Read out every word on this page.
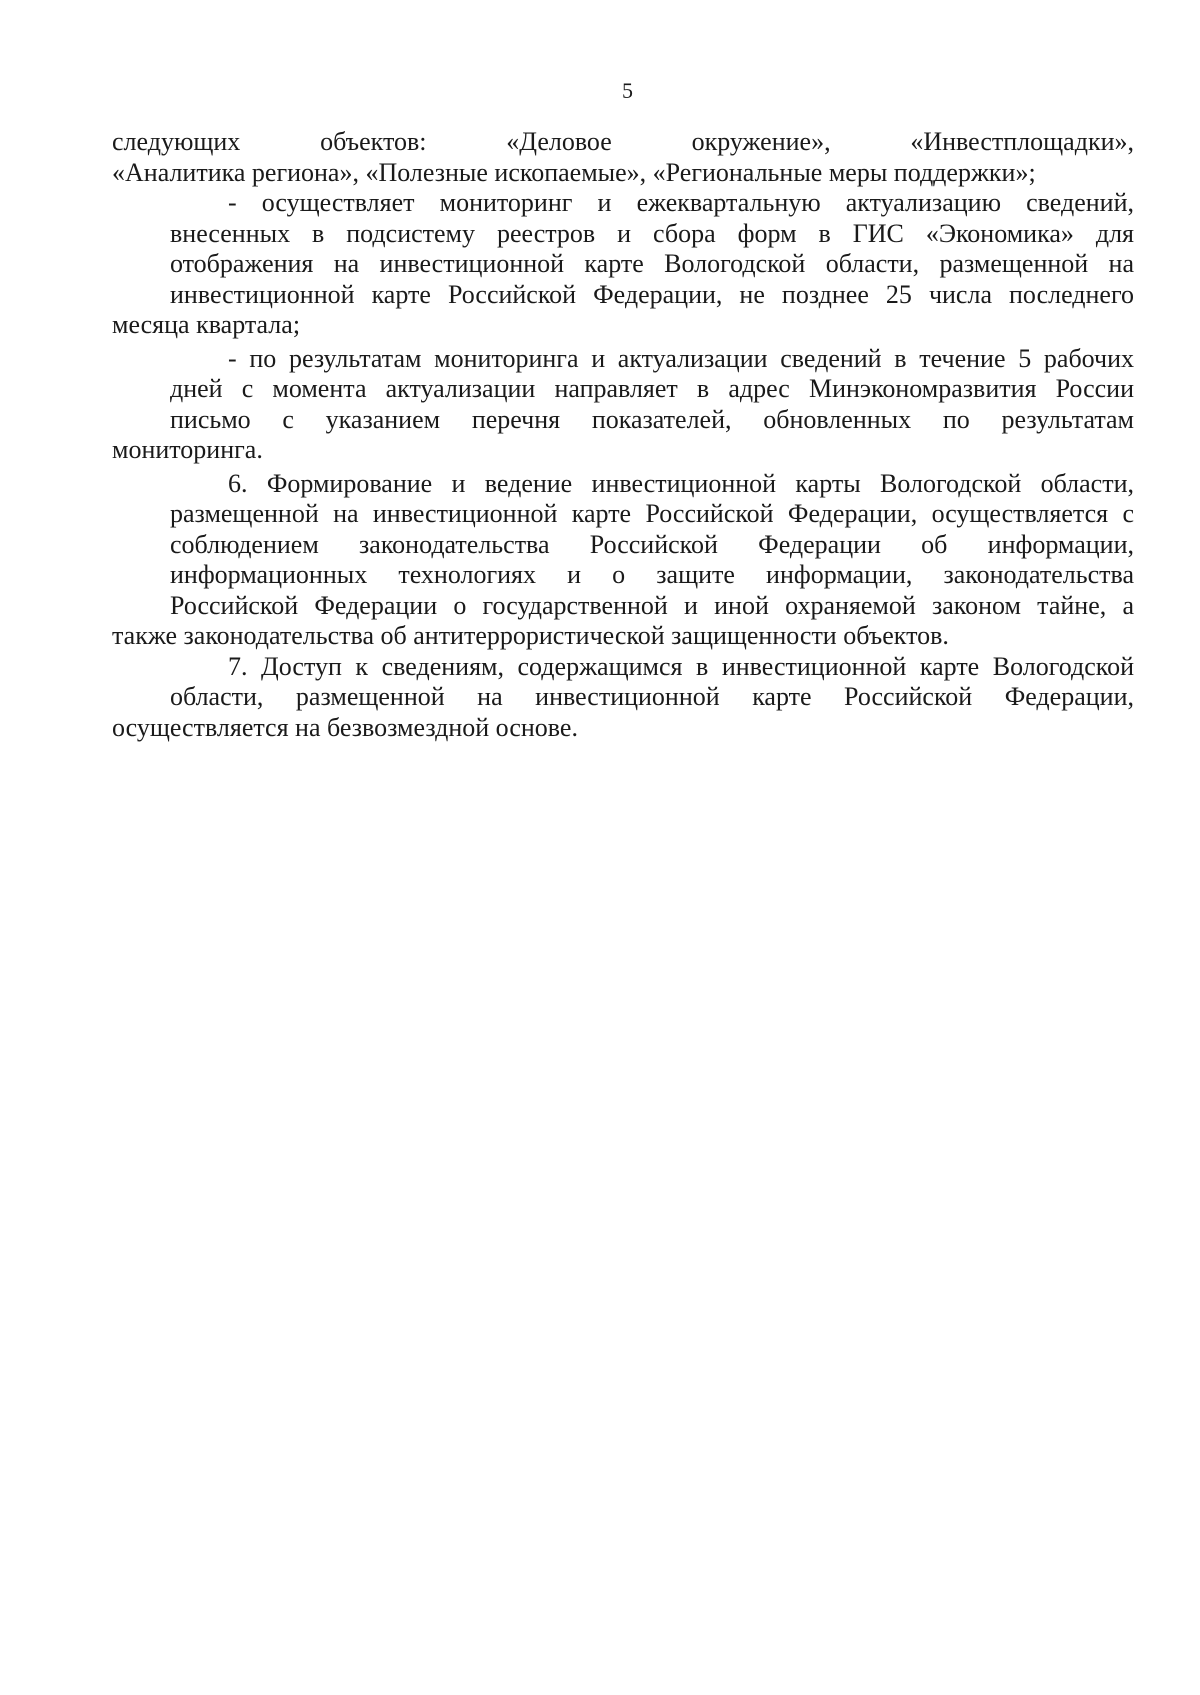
5

следующих объектов: «Деловое окружение», «Инвестплощадки», «Аналитика региона», «Полезные ископаемые», «Региональные меры поддержки»;

- осуществляет мониторинг и ежеквартальную актуализацию сведений, внесенных в подсистему реестров и сбора форм в ГИС «Экономика» для отображения на инвестиционной карте Вологодской области, размещенной на инвестиционной карте Российской Федерации, не позднее 25 числа последнего месяца квартала;

- по результатам мониторинга и актуализации сведений в течение 5 рабочих дней с момента актуализации направляет в адрес Минэкономразвития России письмо с указанием перечня показателей, обновленных по результатам мониторинга.

6. Формирование и ведение инвестиционной карты Вологодской области, размещенной на инвестиционной карте Российской Федерации, осуществляется с соблюдением законодательства Российской Федерации об информации, информационных технологиях и о защите информации, законодательства Российской Федерации о государственной и иной охраняемой законом тайне, а также законодательства об антитеррористической защищенности объектов.

7. Доступ к сведениям, содержащимся в инвестиционной карте Вологодской области, размещенной на инвестиционной карте Российской Федерации, осуществляется на безвозмездной основе.
